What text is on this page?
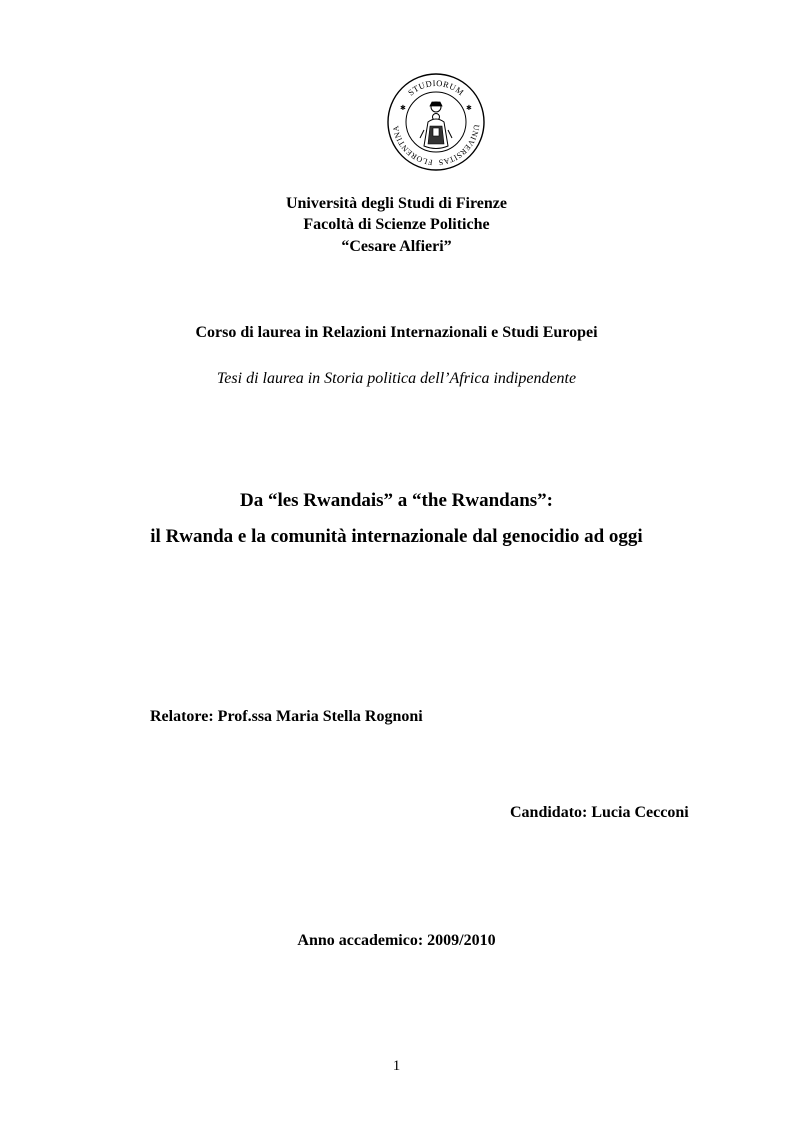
STUDIORUM
FLORENTINA	UNIVERSITAS
✱	✱
Università degli Studi di Firenze
Facoltà di Scienze Politiche
“Cesare Alfieri”
Corso di laurea in Relazioni Internazionali e Studi Europei
Tesi di laurea in Storia politica dell’Africa indipendente
Da “les Rwandais” a “the Rwandans”:
il Rwanda e la comunità internazionale dal genocidio ad oggi
Relatore: Prof.ssa Maria Stella Rognoni
Candidato: Lucia Cecconi
Anno accademico: 2009/2010
1
